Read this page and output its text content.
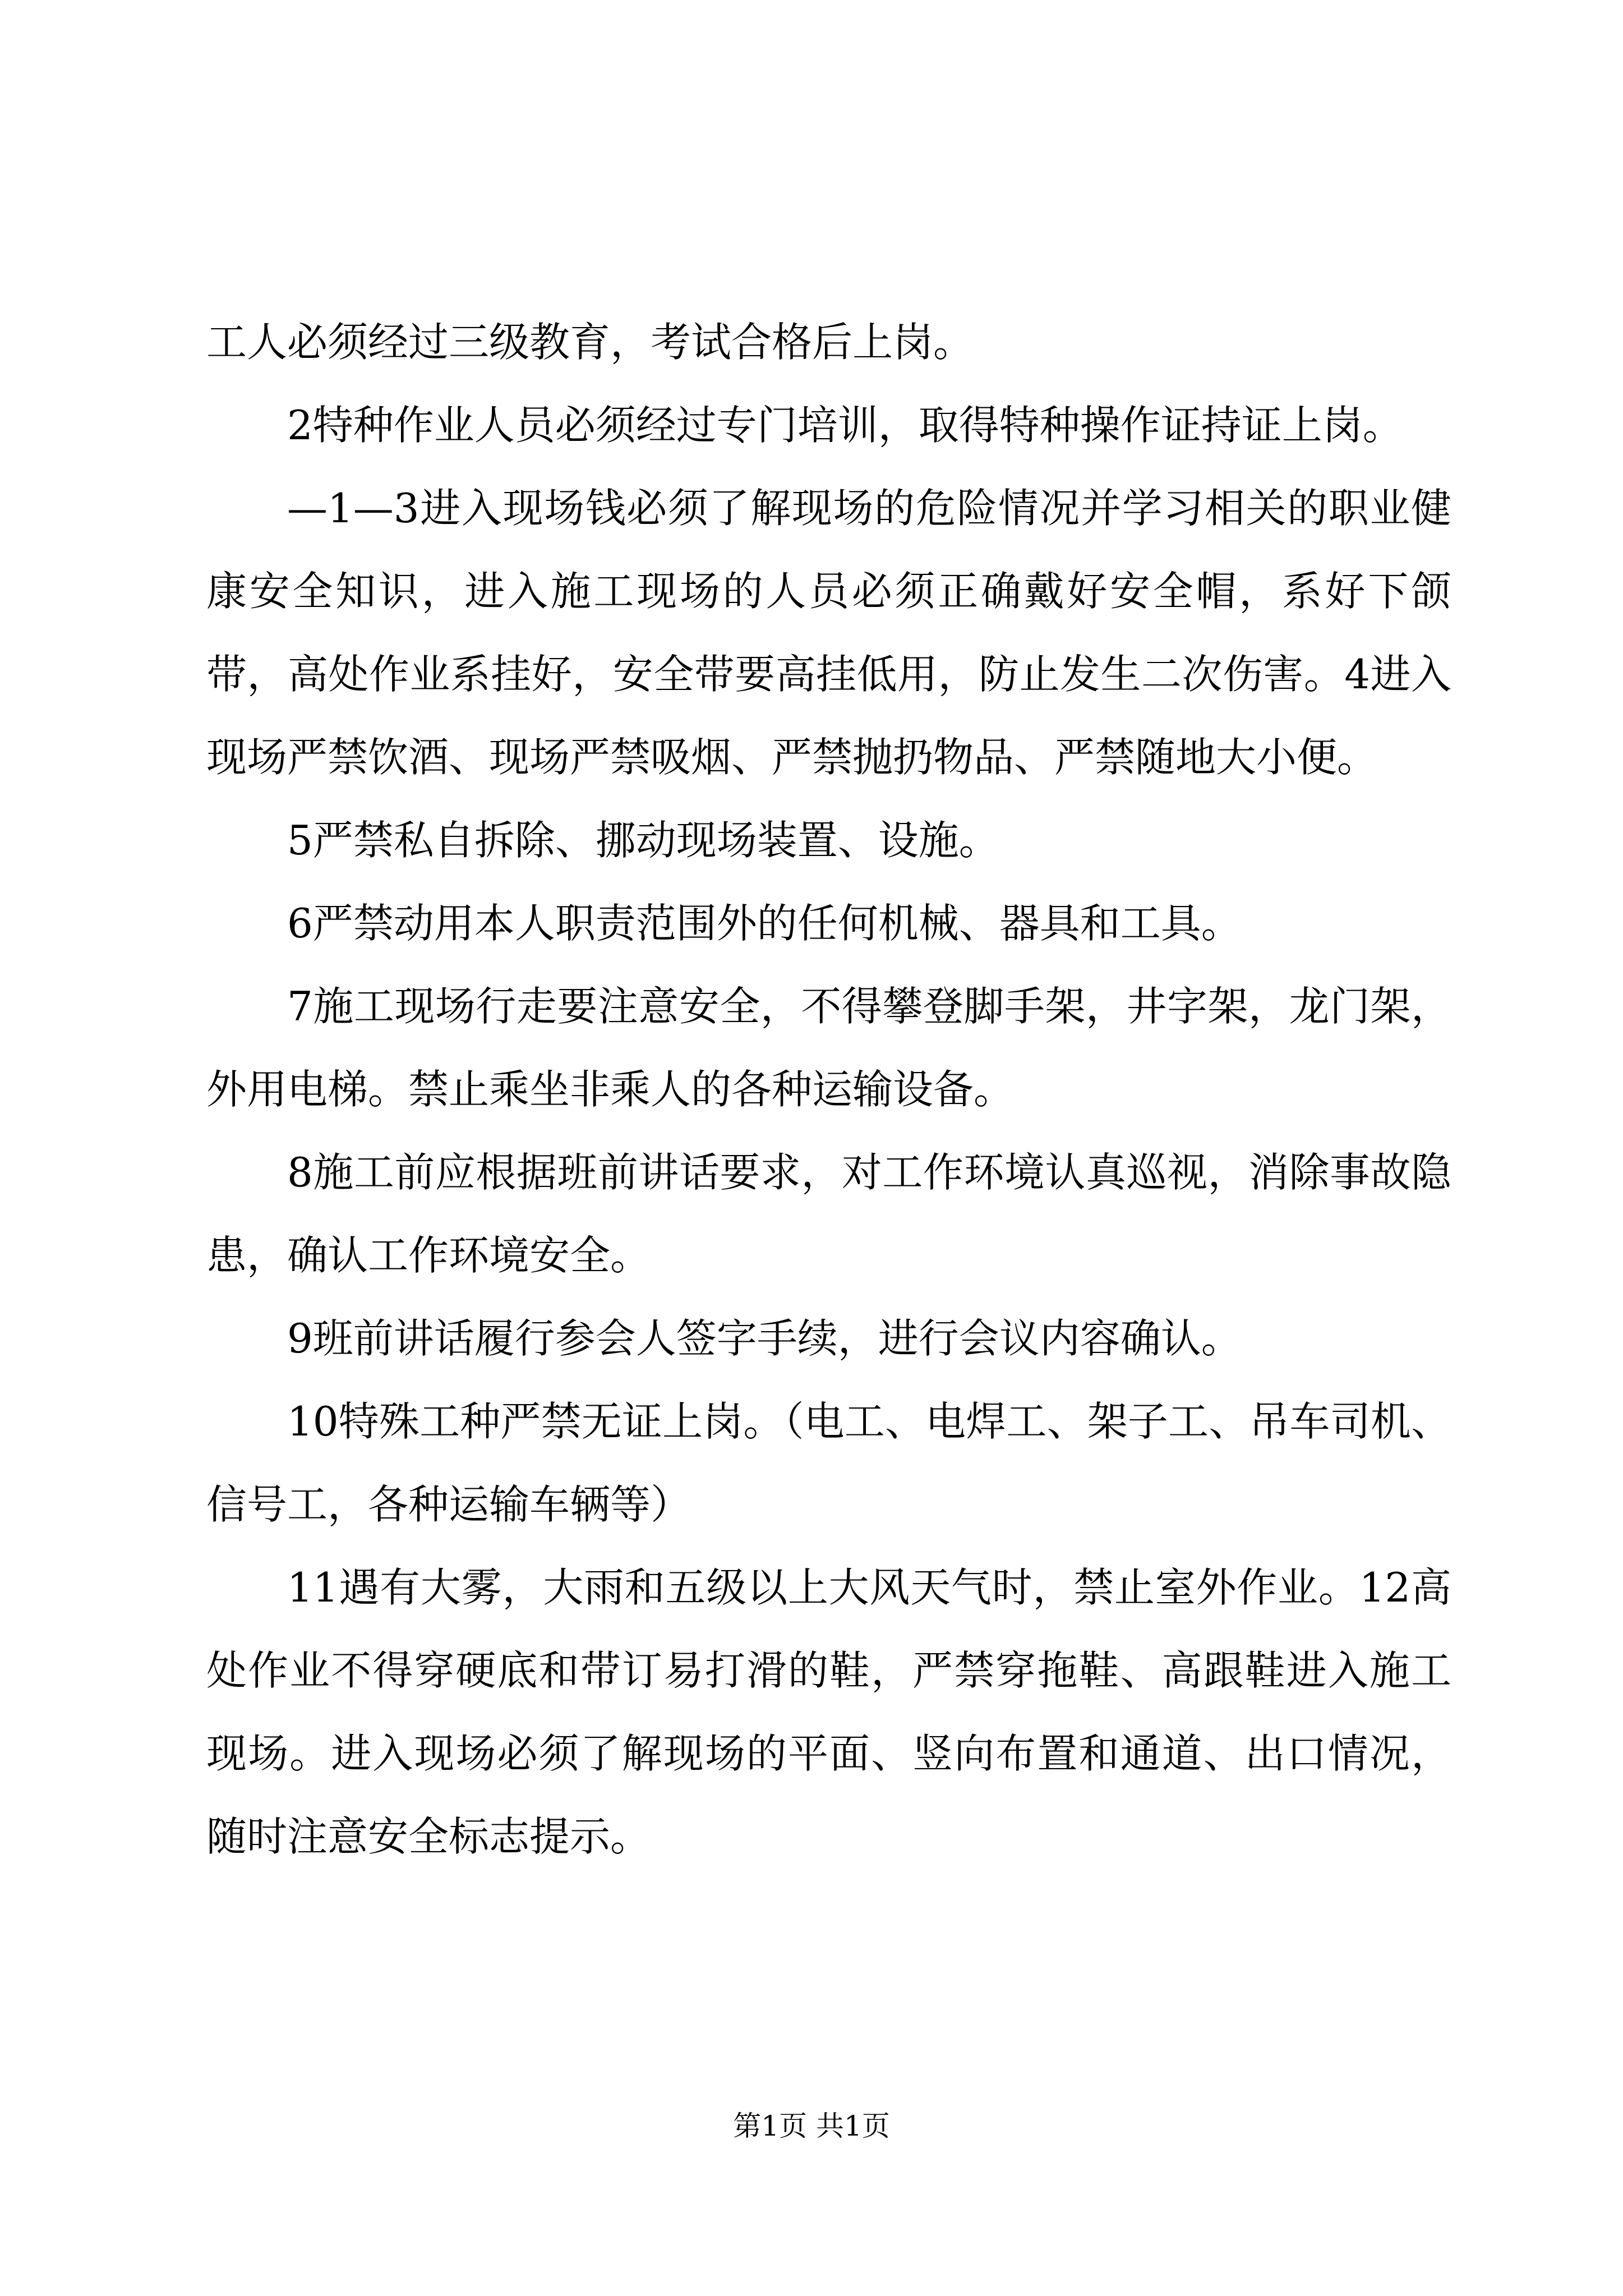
工人必须经过三级教育，考试合格后上岗。

2特种作业人员必须经过专门培训，取得特种操作证持证上岗。

—1—3进入现场钱必须了解现场的危险情况并学习相关的职业健康安全知识，进入施工现场的人员必须正确戴好安全帽，系好下颌带，高处作业系挂好，安全带要高挂低用，防止发生二次伤害。4进入现场严禁饮酒、现场严禁吸烟、严禁抛扔物品、严禁随地大小便。

5严禁私自拆除、挪动现场装置、设施。

6严禁动用本人职责范围外的任何机械、器具和工具。

7施工现场行走要注意安全，不得攀登脚手架，井字架，龙门架，外用电梯。禁止乘坐非乘人的各种运输设备。

8施工前应根据班前讲话要求，对工作环境认真巡视，消除事故隐患，确认工作环境安全。

9班前讲话履行参会人签字手续，进行会议内容确认。

10特殊工种严禁无证上岗。（电工、电焊工、架子工、吊车司机、信号工，各种运输车辆等）

11遇有大雾，大雨和五级以上大风天气时，禁止室外作业。12高处作业不得穿硬底和带订易打滑的鞋，严禁穿拖鞋、高跟鞋进入施工现场。进入现场必须了解现场的平面、竖向布置和通道、出口情况，随时注意安全标志提示。

第1页 共1页
